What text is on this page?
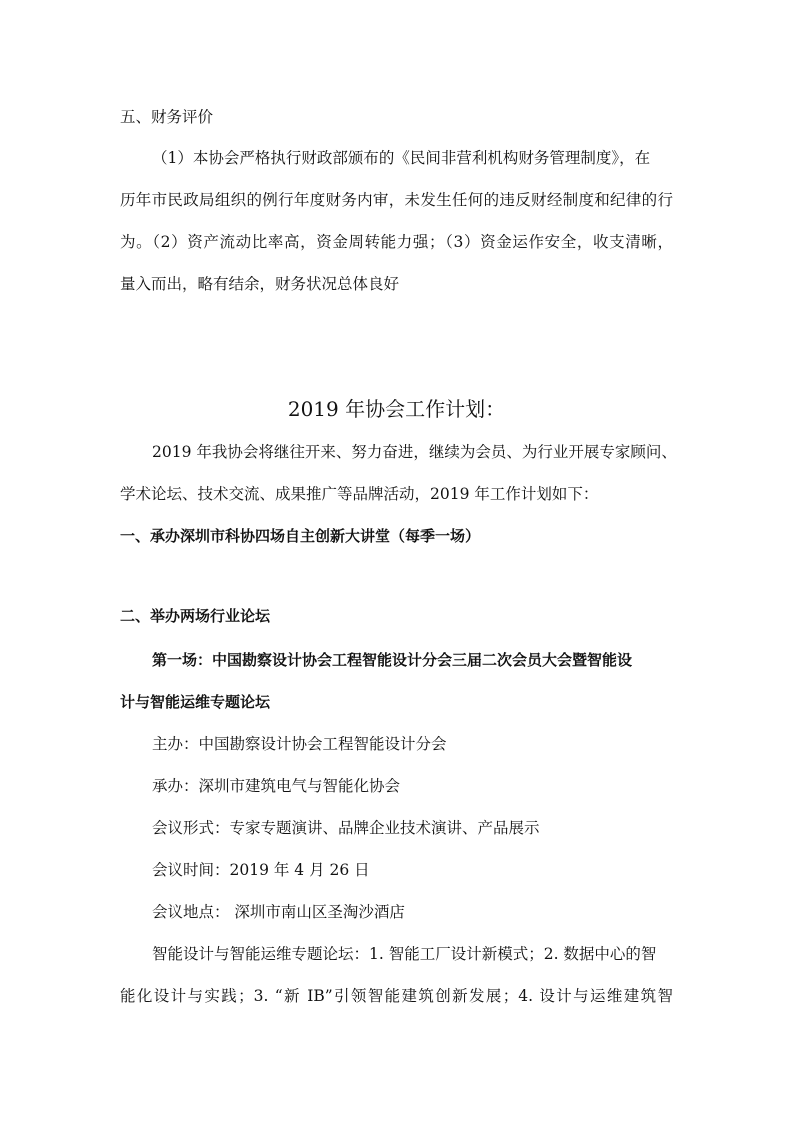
五、财务评价
（1）本协会严格执行财政部颁布的《民间非营利机构财务管理制度》，在
历年市民政局组织的例行年度财务内审，未发生任何的违反财经制度和纪律的行
为。（2）资产流动比率高，资金周转能力强；（3）资金运作安全，收支清晰，
量入而出，略有结余，财务状况总体良好
2019 年协会工作计划：
2019 年我协会将继往开来、努力奋进，继续为会员、为行业开展专家顾问、
学术论坛、技术交流、成果推广等品牌活动，2019 年工作计划如下：
一、承办深圳市科协四场自主创新大讲堂（每季一场）
二、举办两场行业论坛
第一场：中国勘察设计协会工程智能设计分会三届二次会员大会暨智能设
计与智能运维专题论坛
主办：中国勘察设计协会工程智能设计分会
承办：深圳市建筑电气与智能化协会
会议形式：专家专题演讲、品牌企业技术演讲、产品展示
会议时间：2019 年 4 月 26 日
会议地点： 深圳市南山区圣淘沙酒店
智能设计与智能运维专题论坛：1. 智能工厂设计新模式；2. 数据中心的智
能化设计与实践；3. “新 IB”引领智能建筑创新发展；4. 设计与运维建筑智
